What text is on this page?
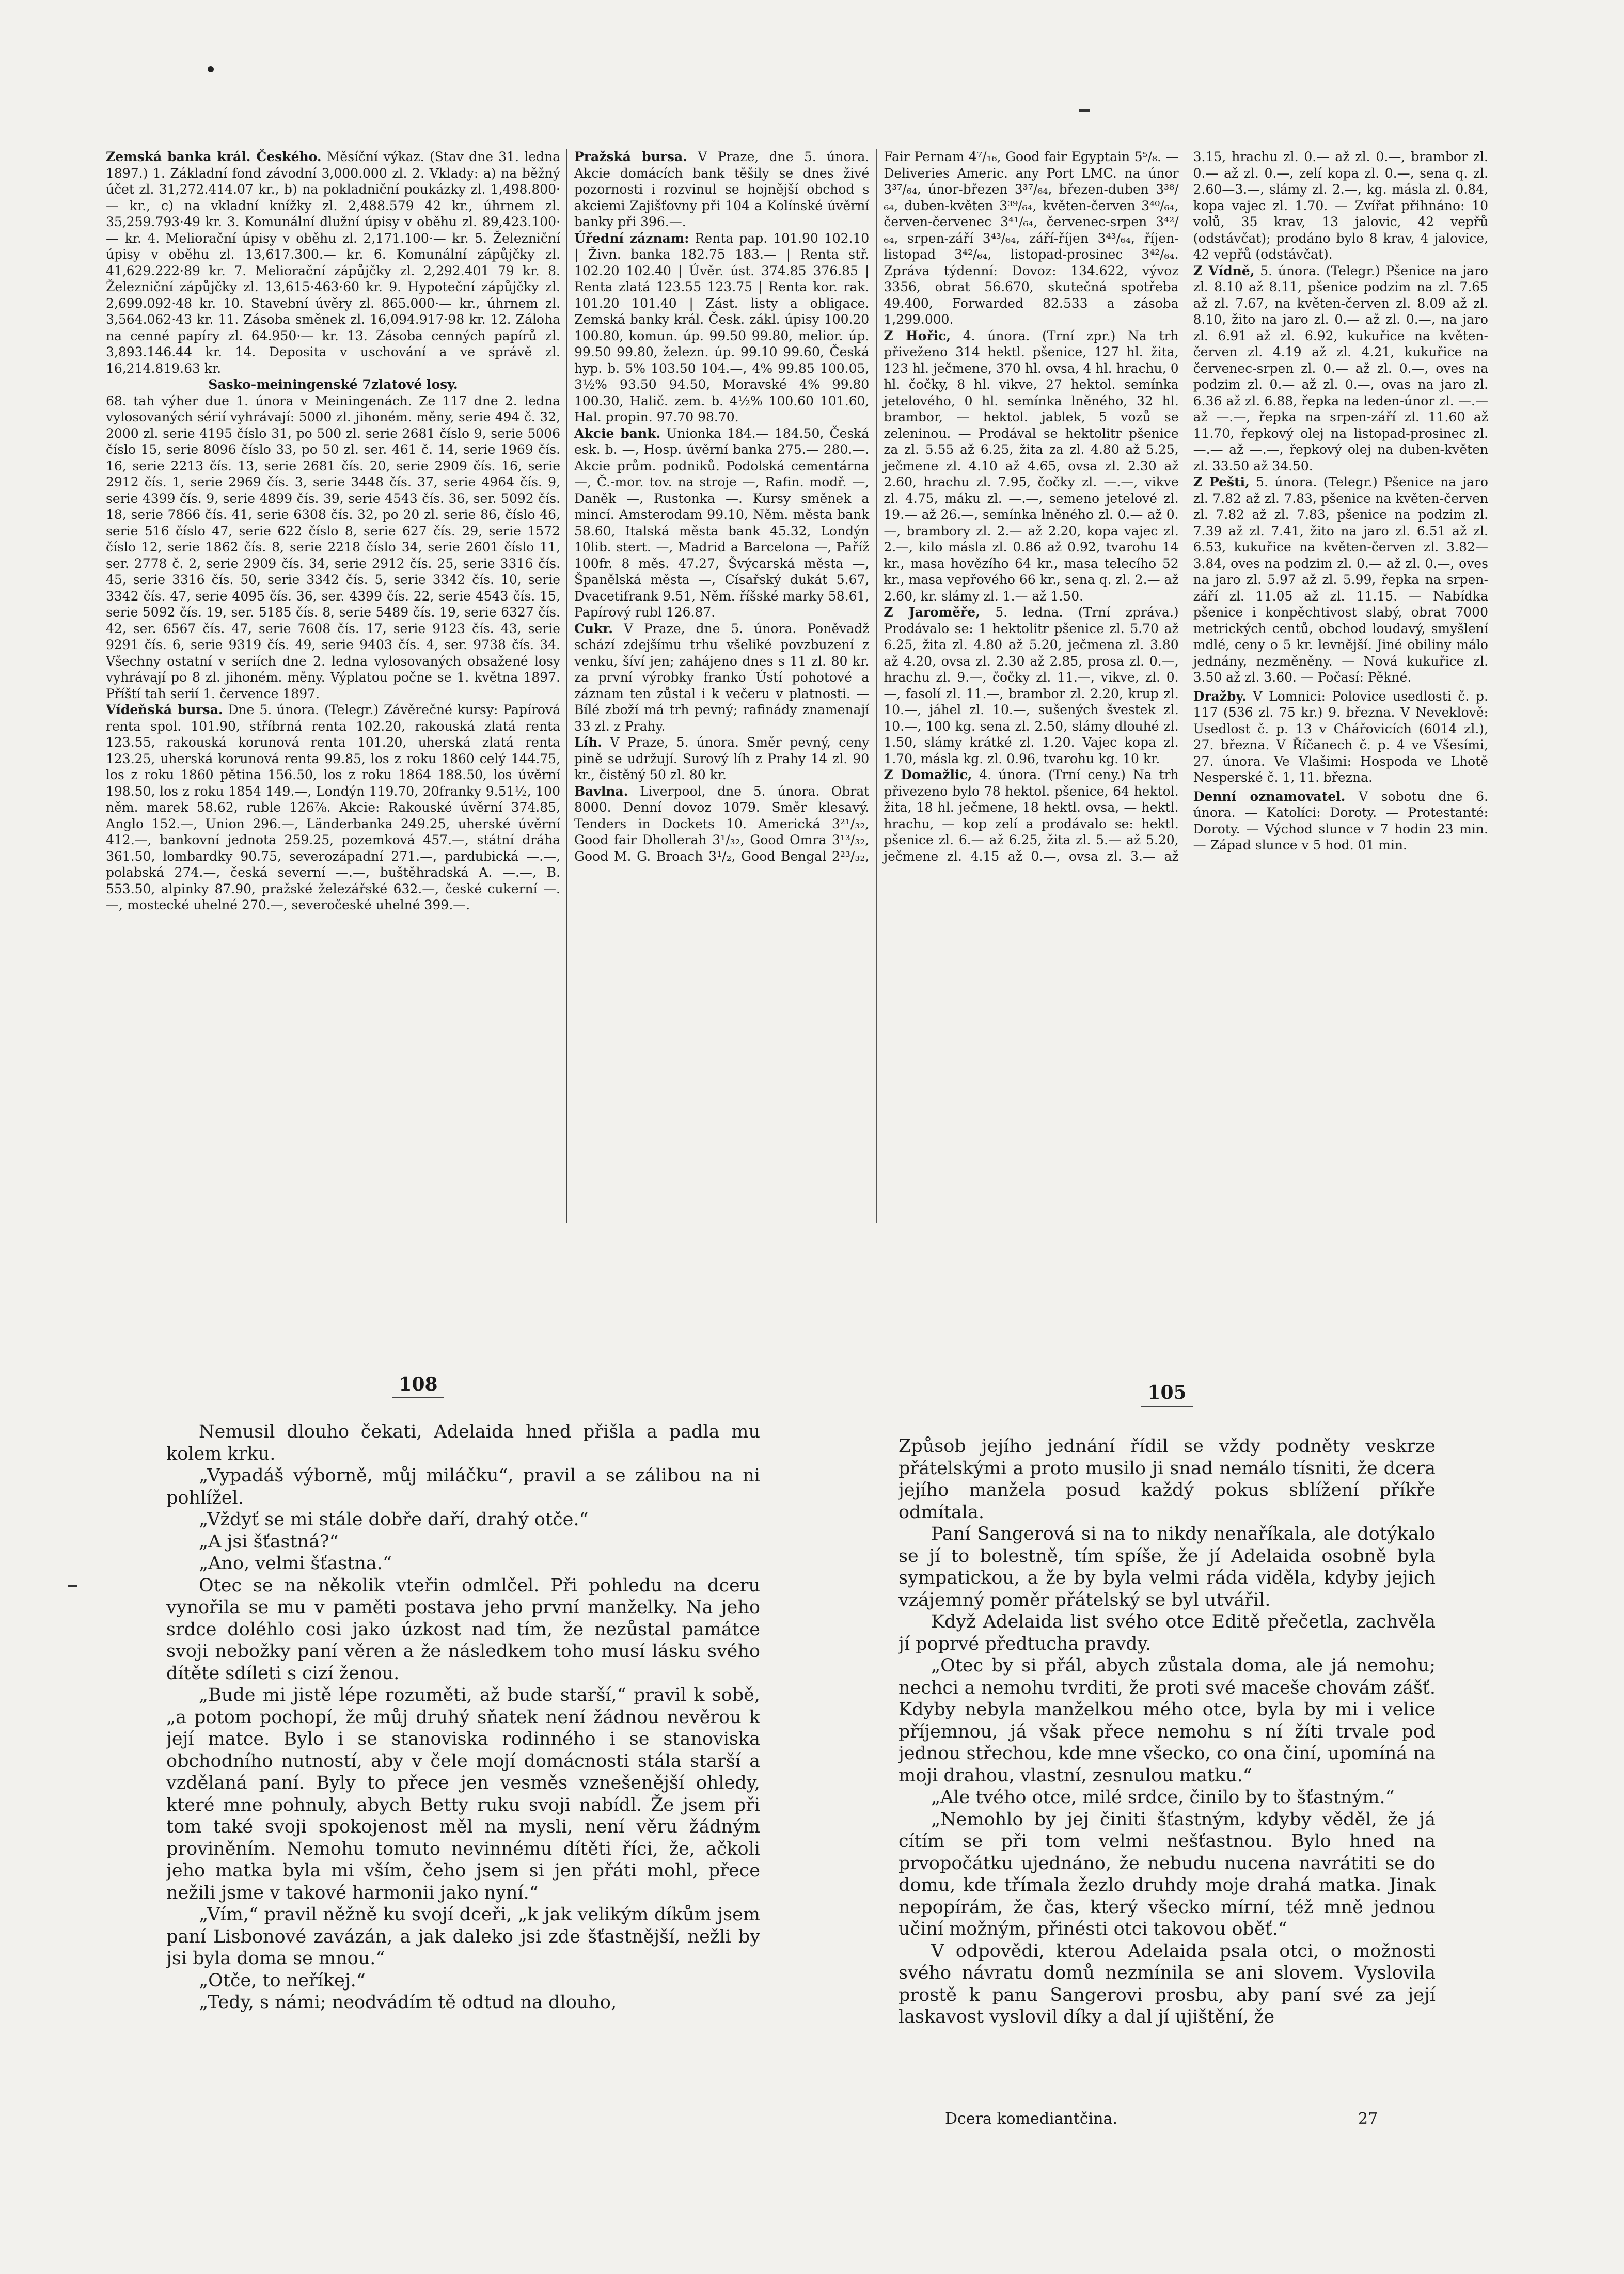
Zemská banka král. Českého. Měsíční výkaz. (Stav dne 31. ledna 1897.) 1. Základní fond závodní 3,000.000 zl. 2. Vklady: a) na běžný účet zl. 31,272.414.07 kr., b) na pokladniční poukázky zl. 1,498.800·— kr., c) na vkladní knížky zl. 2,488.579 42 kr., úhrnem zl. 35,259.793·49 kr. 3. Komunální dlužní úpisy v oběhu zl. 89,423.100·— kr. 4. Meliorační úpisy v oběhu zl. 2,171.100·— kr. 5. Železniční úpisy v oběhu zl. 13,617.300.— kr. 6. Komunální zápůjčky zl. 41,629.222·89 kr. 7. Meliorační zápůjčky zl. 2,292.401 79 kr. 8. Železniční zápůjčky zl. 13,615·463·60 kr. 9. Hypoteční zápůjčky zl. 2,699.092·48 kr. 10. Stavební úvěry zl. 865.000·— kr., úhrnem zl. 3,564.062·43 kr. 11. Zásoba směnek zl. 16,094.917·98 kr. 12. Záloha na cenné papíry zl. 64.950·— kr. 13. Zásoba cenných papírů zl. 3,893.146.44 kr. 14. Deposita v uschování a ve správě zl. 16,214.819.63 kr.

Sasko-meiningenské 7zlatové losy.

68. tah výher due 1. února v Meiningenách. Ze 117 dne 2. ledna vylosovaných sérií vyhrávají: 5000 zl. jihoném. měny, serie 494 č. 32, 2000 zl. serie 4195 číslo 31, po 500 zl. serie 2681 číslo 9, serie 5006 číslo 15, serie 8096 číslo 33, po 50 zl. ser. 461 č. 14, serie 1969 čís. 16, serie 2213 čís. 13, serie 2681 čís. 20, serie 2909 čís. 16, serie 2912 čís. 1, serie 2969 čís. 3, serie 3448 čís. 37, serie 4964 čís. 9, serie 4399 čís. 9, serie 4899 čís. 39, serie 4543 čís. 36, ser. 5092 čís. 18, serie 7866 čís. 41, serie 6308 čís. 32, po 20 zl. serie 86, číslo 46, serie 516 číslo 47, serie 622 číslo 8, serie 627 čís. 29, serie 1572 číslo 12, serie 1862 čís. 8, serie 2218 číslo 34, serie 2601 číslo 11, ser. 2778 č. 2, serie 2909 čís. 34, serie 2912 čís. 25, serie 3316 čís. 45, serie 3316 čís. 50, serie 3342 čís. 5, serie 3342 čís. 10, serie 3342 čís. 47, serie 4095 čís. 36, ser. 4399 čís. 22, serie 4543 čís. 15, serie 5092 čís. 19, ser. 5185 čís. 8, serie 5489 čís. 19, serie 6327 čís. 42, ser. 6567 čís. 47, serie 7608 čís. 17, serie 9123 čís. 43, serie 9291 čís. 6, serie 9319 čís. 49, serie 9403 čís. 4, ser. 9738 čís. 34. Všechny ostatní v seriích dne 2. ledna vylosovaných obsažené losy vyhrávají po 8 zl. jihoném. měny. Výplatou počne se 1. května 1897. Příští tah serií 1. července 1897.

Vídeňská bursa. Dne 5. února. (Telegr.) Závěrečné kursy: Papírová renta spol. 101.90, stříbrná renta 102.20, rakouská zlatá renta 123.55, rakouská korunová renta 101.20, uherská zlatá renta 123.25, uherská korunová renta 99.85, los z roku 1860 celý 144.75, los z roku 1860 pětina 156.50, los z roku 1864 188.50, los úvěrní 198.50, los z roku 1854 149.—, Londýn 119.70, 20franky 9.51½, 100 něm. marek 58.62, ruble 126⅞. Akcie: Rakouské úvěrní 374.85, Anglo 152.—, Union 296.—, Länderbanka 249.25, uherské úvěrní 412.—, bankovní jednota 259.25, pozemková 457.—, státní dráha 361.50, lombardky 90.75, severozápadní 271.—, pardubická —.—, polabská 274.—, česká severní —.—, buštěhradská A. —.—, B. 553.50, alpinky 87.90, pražské železářské 632.—, české cukerní —.—, mostecké uhelné 270.—, severočeské uhelné 399.—.

Pražská bursa. V Praze, dne 5. února. Akcie domácích bank těšily se dnes živé pozornosti i rozvinul se hojnější obchod s akciemi Zajišťovny při 104 a Kolínské úvěrní banky při 396.—.

Úřední záznam: Renta pap. 101.90 102.10 | Živn. banka 182.75 183.— | Renta stř. 102.20 102.40 | Úvěr. úst. 374.85 376.85 | Renta zlatá 123.55 123.75 | Renta kor. rak. 101.20 101.40 | Zást. listy a obligace. Zemská banky král. Česk. zákl. úpisy 100.20 100.80, komun. úp. 99.50 99.80, melior. úp. 99.50 99.80, železn. úp. 99.10 99.60, Česká hyp. b. 5% 103.50 104.—, 4% 99.85 100.05, 3½% 93.50 94.50, Moravské 4% 99.80 100.30, Halič. zem. b. 4½% 100.60 101.60, Hal. propin. 97.70 98.70.

Akcie bank. Unionka 184.— 184.50, Česká esk. b. —, Hosp. úvěrní banka 275.— 280.—. Akcie prům. podniků. Podolská cementárna —, Č.-mor. tov. na stroje —, Rafin. modř. —, Daněk —, Rustonka —. Kursy směnek a mincí. Amsterodam 99.10, Něm. města bank 58.60, Italská města bank 45.32, Londýn 10lib. stert. —, Madrid a Barcelona —, Paříž 100fr. 8 měs. 47.27, Švýcarská města —, Španělská města —, Císařský dukát 5.67, Dvacetifrank 9.51, Něm. říšské marky 58.61, Papírový rubl 126.87.

Cukr. V Praze, dne 5. února. Poněvadž schází zdejšímu trhu všeliké povzbuzení z venku, šíví jen; zahájeno dnes s 11 zl. 80 kr. za první výrobky franko Ústí pohotové a záznam ten zůstal i k večeru v platnosti. — Bílé zboží má trh pevný; rafinády znamenají 33 zl. z Prahy.

Líh. V Praze, 5. února. Směr pevný, ceny pině se udržují. Surový líh z Prahy 14 zl. 90 kr., čistěný 50 zl. 80 kr.

Bavlna. Liverpool, dne 5. února. Obrat 8000. Denní dovoz 1079. Směr klesavý. Tenders in Dockets 10. Americká 3²¹/₃₂, Good fair Dhollerah 3¹/₃₂, Good Omra 3¹³/₃₂, Good M. G. Broach 3¹/₂, Good Bengal 2²³/₃₂, Fair Pernam 4⁷/₁₆, Good fair Egyptain 5⁵/₈. — Deliveries Americ. any Port LMC. na únor 3³⁷/₆₄, únor-březen 3³⁷/₆₄, březen-duben 3³⁸/₆₄, duben-květen 3³⁹/₆₄, květen-červen 3⁴⁰/₆₄, červen-červenec 3⁴¹/₆₄, červenec-srpen 3⁴²/₆₄, srpen-září 3⁴³/₆₄, září-říjen 3⁴³/₆₄, říjen-listopad 3⁴²/₆₄, listopad-prosinec 3⁴²/₆₄. Zpráva týdenní: Dovoz: 134.622, vývoz 3356, obrat 56.670, skutečná spotřeba 49.400, Forwarded 82.533 a zásoba 1,299.000.

Z Hořic, 4. února. (Trní zpr.) Na trh přiveženo 314 hektl. pšenice, 127 hl. žita, 123 hl. ječmene, 370 hl. ovsa, 4 hl. hrachu, 0 hl. čočky, 8 hl. vikve, 27 hektol. semínka jetelového, 0 hl. semínka lněného, 32 hl. brambor, — hektol. jablek, 5 vozů se zeleninou. — Prodával se hektolitr pšenice za zl. 5.55 až 6.25, žita za zl. 4.80 až 5.25, ječmene zl. 4.10 až 4.65, ovsa zl. 2.30 až 2.60, hrachu zl. 7.95, čočky zl. —.—, vikve zl. 4.75, máku zl. —.—, semeno jetelové zl. 19.— až 26.—, semínka lněného zl. 0.— až 0.—, brambory zl. 2.— až 2.20, kopa vajec zl. 2.—, kilo másla zl. 0.86 až 0.92, tvarohu 14 kr., masa hovězího 64 kr., masa telecího 52 kr., masa vepřového 66 kr., sena q. zl. 2.— až 2.60, kr. slámy zl. 1.— až 1.50.

Z Jaroměře, 5. ledna. (Trní zpráva.) Prodávalo se: 1 hektolitr pšenice zl. 5.70 až 6.25, žita zl. 4.80 až 5.20, ječmena zl. 3.80 až 4.20, ovsa zl. 2.30 až 2.85, prosa zl. 0.—, hrachu zl. 9.—, čočky zl. 11.—, vikve, zl. 0.—, fasolí zl. 11.—, brambor zl. 2.20, krup zl. 10.—, jáhel zl. 10.—, sušených švestek zl. 10.—, 100 kg. sena zl. 2.50, slámy dlouhé zl. 1.50, slámy krátké zl. 1.20. Vajec kopa zl. 1.70, másla kg. zl. 0.96, tvarohu kg. 10 kr.

Z Domažlic, 4. února. (Trní ceny.) Na trh přivezeno bylo 78 hektol. pšenice, 64 hektol. žita, 18 hl. ječmene, 18 hektl. ovsa, — hektl. hrachu, — kop zelí a prodávalo se: hektl. pšenice zl. 6.— až 6.25, žita zl. 5.— až 5.20, ječmene zl. 4.15 až 0.—, ovsa zl. 3.— až 3.15, hrachu zl. 0.— až zl. 0.—, brambor zl. 0.— až zl. 0.—, zelí kopa zl. 0.—, sena q. zl. 2.60—3.—, slámy zl. 2.—, kg. másla zl. 0.84, kopa vajec zl. 1.70. — Zvířat přihnáno: 10 volů, 35 krav, 13 jalovic, 42 vepřů (odstávčat); prodáno bylo 8 krav, 4 jalovice, 42 vepřů (odstávčat).

Z Vídně, 5. února. (Telegr.) Pšenice na jaro zl. 8.10 až 8.11, pšenice podzim na zl. 7.65 až zl. 7.67, na květen-červen zl. 8.09 až zl. 8.10, žito na jaro zl. 0.— až zl. 0.—, na jaro zl. 6.91 až zl. 6.92, kukuřice na květen-červen zl. 4.19 až zl. 4.21, kukuřice na červenec-srpen zl. 0.— až zl. 0.—, oves na podzim zl. 0.— až zl. 0.—, ovas na jaro zl. 6.36 až zl. 6.88, řepka na leden-únor zl. —.— až —.—, řepka na srpen-září zl. 11.60 až 11.70, řepkový olej na listopad-prosinec zl. —.— až —.—, řepkový olej na duben-květen zl. 33.50 až 34.50.

Z Pešti, 5. února. (Telegr.) Pšenice na jaro zl. 7.82 až zl. 7.83, pšenice na květen-červen zl. 7.82 až zl. 7.83, pšenice na podzim zl. 7.39 až zl. 7.41, žito na jaro zl. 6.51 až zl. 6.53, kukuřice na květen-červen zl. 3.82—3.84, oves na podzim zl. 0.— až zl. 0.—, oves na jaro zl. 5.97 až zl. 5.99, řepka na srpen-září zl. 11.05 až zl. 11.15. — Nabídka pšenice i konpěchtivost slabý, obrat 7000 metrických centů, obchod loudavý, smyšlení mdlé, ceny o 5 kr. levnější. Jiné obiliny málo jednány, nezměněny. — Nová kukuřice zl. 3.50 až zl. 3.60. — Počasí: Pěkné.

Dražby. V Lomnici: Polovice usedlosti č. p. 117 (536 zl. 75 kr.) 9. března. V Neveklově: Usedlost č. p. 13 v Chářovicích (6014 zl.), 27. března. V Říčanech č. p. 4 ve Všesími, 27. února. Ve Vlašimi: Hospoda ve Lhotě Nesperské č. 1, 11. března.

Denní oznamovatel. V sobotu dne 6. února. — Katolíci: Doroty. — Protestanté: Doroty. — Východ slunce v 7 hodin 23 min. — Západ slunce v 5 hod. 01 min.

108	105

Nemusil dlouho čekati, Adelaida hned přišla a padla mu kolem krku.

„Vypadáš výborně, můj miláčku“, pravil a se zálibou na ni pohlížel.

„Vždyť se mi stále dobře daří, drahý otče.“

„A jsi šťastná?“

„Ano, velmi šťastna.“

Otec se na několik vteřin odmlčel. Při pohledu na dceru vynořila se mu v paměti postava jeho první manželky. Na jeho srdce doléhlo cosi jako úzkost nad tím, že nezůstal památce svoji nebožky paní věren a že následkem toho musí lásku svého dítěte sdíleti s cizí ženou.

„Bude mi jistě lépe rozuměti, až bude starší,“ pravil k sobě, „a potom pochopí, že můj druhý sňatek není žádnou nevěrou k její matce. Bylo i se stanoviska rodinného i se stanoviska obchodního nutností, aby v čele mojí domácnosti stála starší a vzdělaná paní. Byly to přece jen vesměs vznešenější ohledy, které mne pohnuly, abych Betty ruku svoji nabídl. Že jsem při tom také svoji spokojenost měl na mysli, není věru žádným proviněním. Nemohu tomuto nevinnému dítěti říci, že, ačkoli jeho matka byla mi vším, čeho jsem si jen přáti mohl, přece nežili jsme v takové harmonii jako nyní.“

„Vím,“ pravil něžně ku svojí dceři, „k jak velikým díkům jsem paní Lisbonové zavázán, a jak daleko jsi zde šťastnější, nežli by jsi byla doma se mnou.“

„Otče, to neříkej.“

„Tedy, s námi; neodvádím tě odtud na dlouho,

Způsob jejího jednání řídil se vždy podněty veskrze přátelskými a proto musilo ji snad nemálo tísniti, že dcera jejího manžela posud každý pokus sblížení příkře odmítala.

Paní Sangerová si na to nikdy nenaříkala, ale dotýkalo se jí to bolestně, tím spíše, že jí Adelaida osobně byla sympatickou, a že by byla velmi ráda viděla, kdyby jejich vzájemný poměr přátelský se byl utvářil.

Když Adelaida list svého otce Editě přečetla, zachvěla jí poprvé předtucha pravdy.

„Otec by si přál, abych zůstala doma, ale já nemohu; nechci a nemohu tvrditi, že proti své maceše chovám zášť. Kdyby nebyla manželkou mého otce, byla by mi i velice příjemnou, já však přece nemohu s ní žíti trvale pod jednou střechou, kde mne všecko, co ona činí, upomíná na moji drahou, vlastní, zesnulou matku.“

„Ale tvého otce, milé srdce, činilo by to šťastným.“

„Nemohlo by jej činiti šťastným, kdyby věděl, že já cítím se při tom velmi nešťastnou. Bylo hned na prvopočátku ujednáno, že nebudu nucena navrátiti se do domu, kde třímala žezlo druhdy moje drahá matka. Jinak nepopírám, že čas, který všecko mírní, též mně jednou učiní možným, přinésti otci takovou oběť.“

V odpovědi, kterou Adelaida psala otci, o možnosti svého návratu domů nezmínila se ani slovem. Vyslovila prostě k panu Sangerovi prosbu, aby paní své za její laskavost vyslovil díky a dal jí ujištění, že

Dcera komediantčina.	27
